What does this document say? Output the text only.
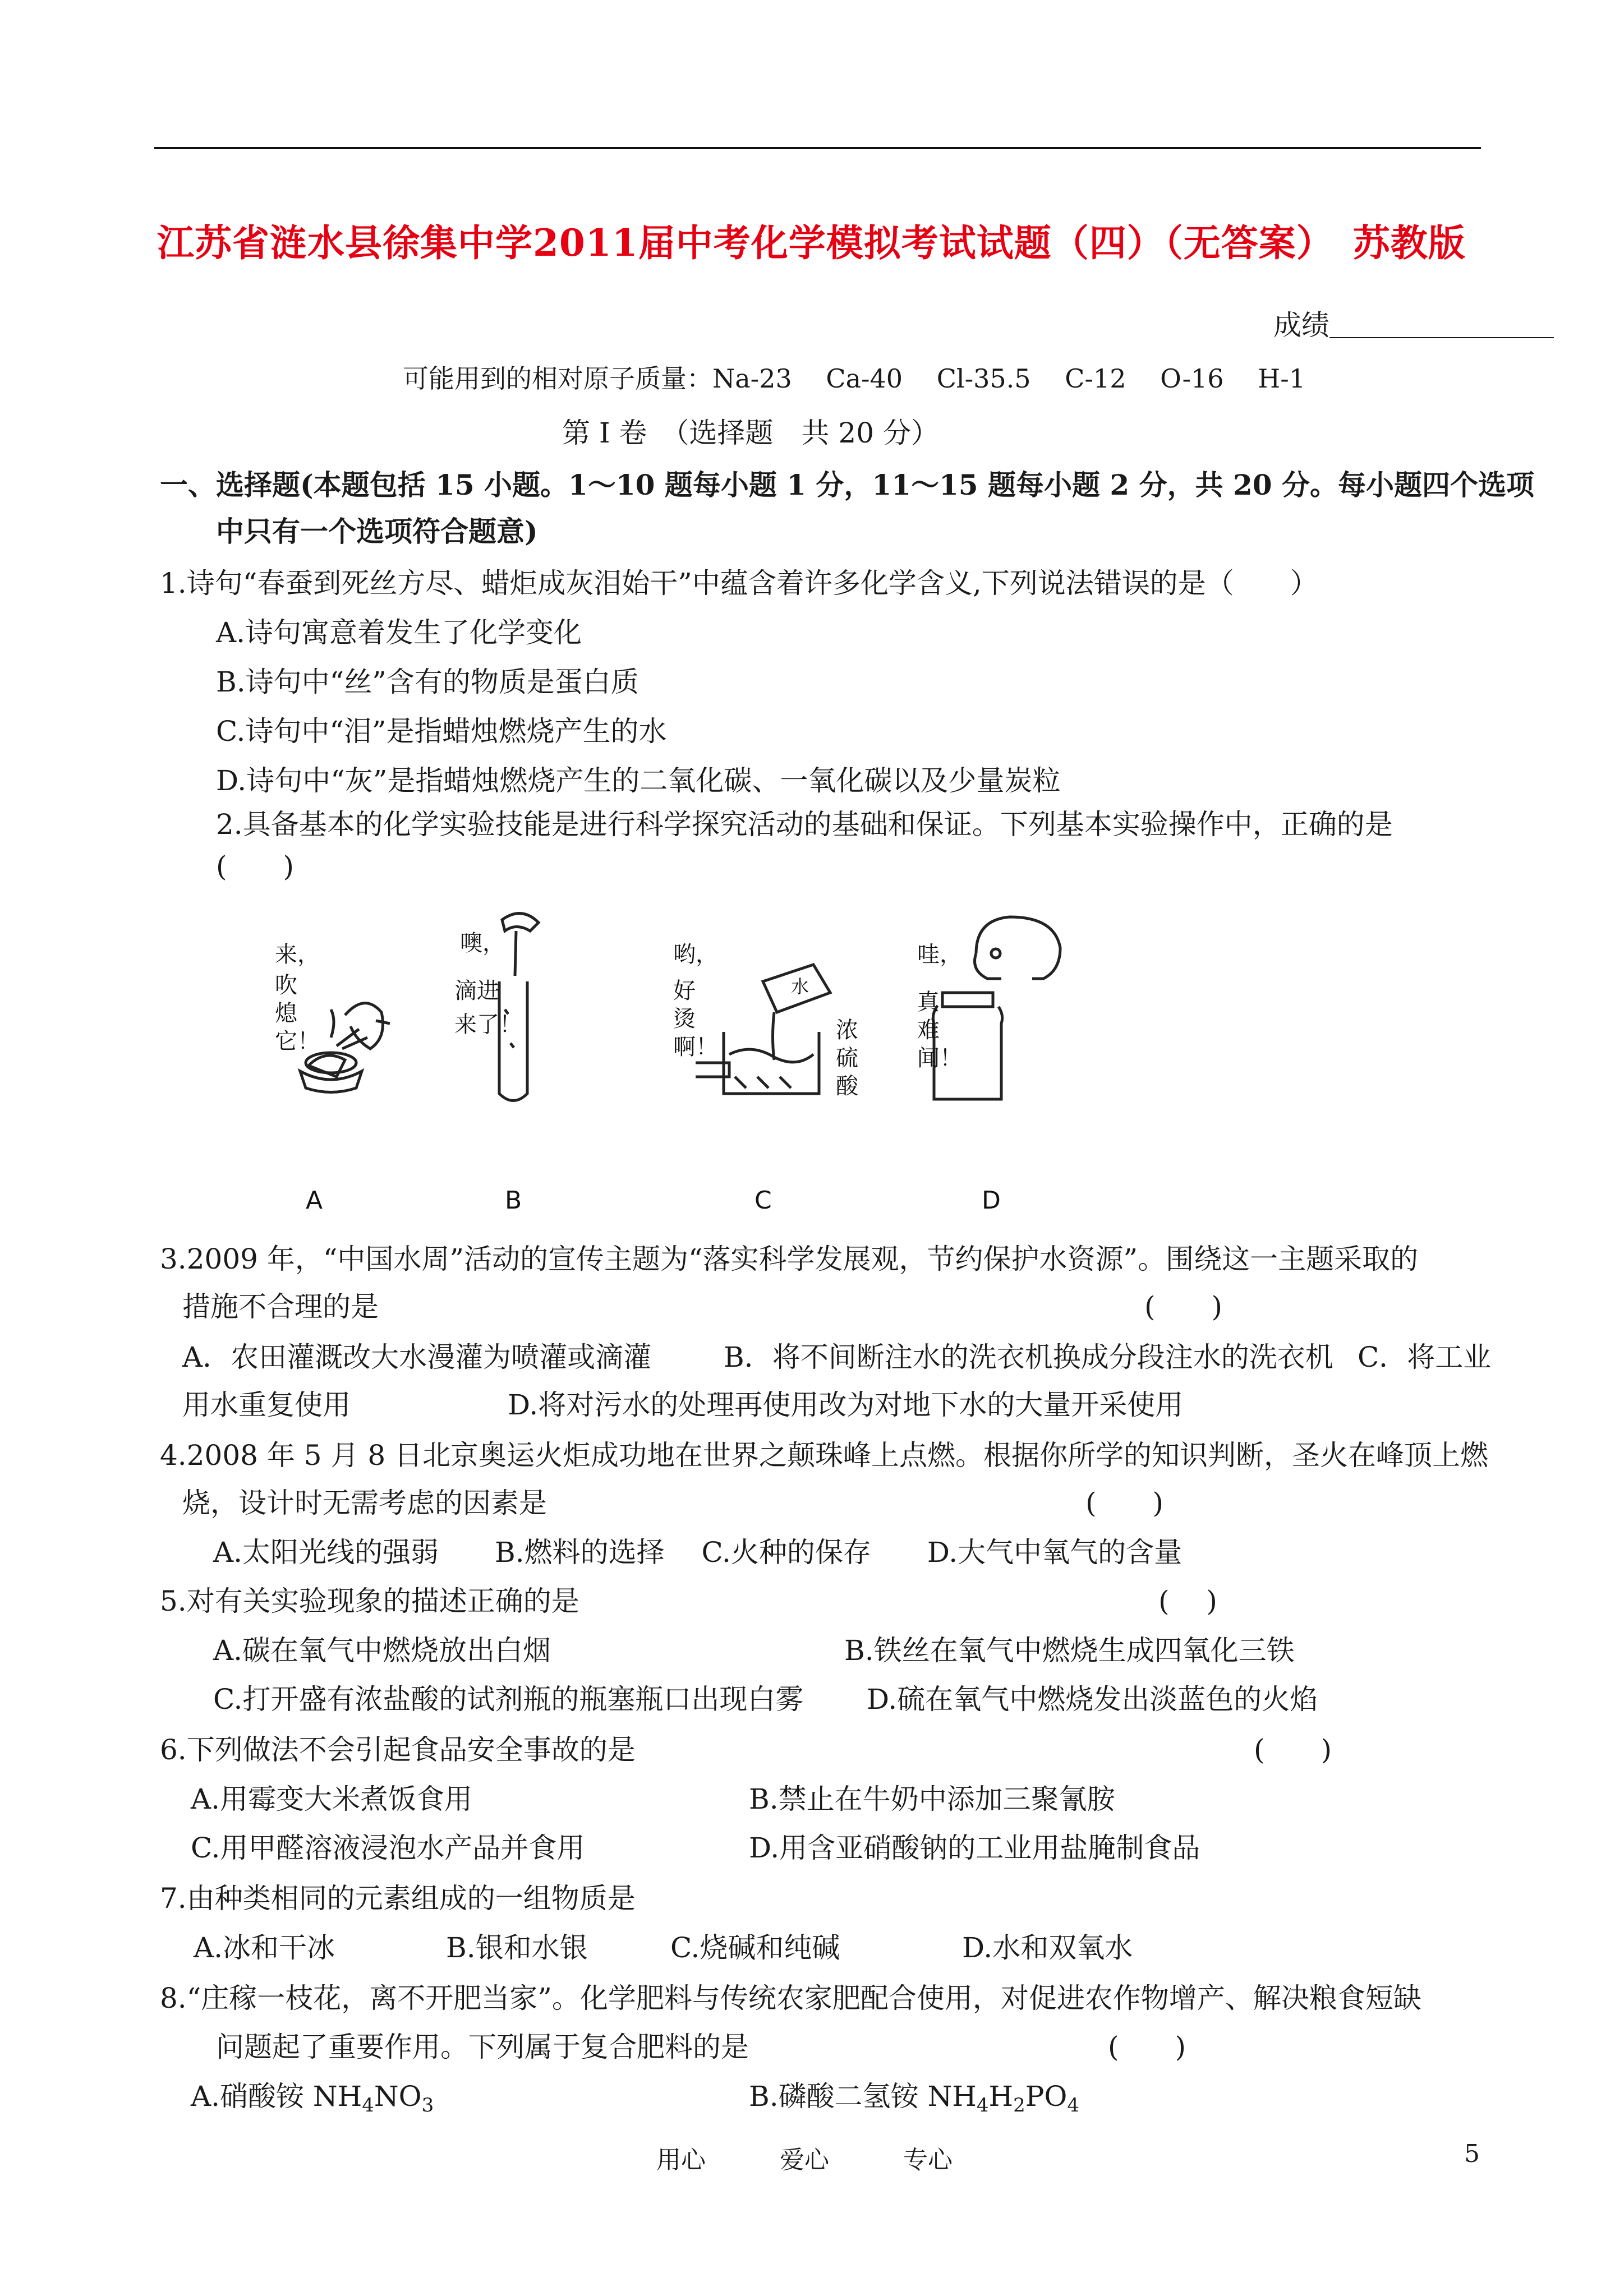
江苏省涟水县徐集中学2011届中考化学模拟考试试题（四）（无答案）　苏教版
成绩＿＿＿＿＿＿＿＿
可能用到的相对原子质量：Na-23　 Ca-40　 Cl-35.5　 C-12　 O-16　 H-1
第 I 卷　（选择题　共 20 分）
一、选择题(本题包括 15 小题。1～10 题每小题 1 分，11～15 题每小题 2 分，共 20 分。每小题四个选项
中只有一个选项符合题意)
1.诗句“春蚕到死丝方尽、蜡炬成灰泪始干”中蕴含着许多化学含义,下列说法错误的是（　　）
A.诗句寓意着发生了化学变化
B.诗句中“丝”含有的物质是蛋白质
C.诗句中“泪”是指蜡烛燃烧产生的水
D.诗句中“灰”是指蜡烛燃烧产生的二氧化碳、一氧化碳以及少量炭粒
2.具备基本的化学实验技能是进行科学探究活动的基础和保证。下列基本实验操作中，正确的是
(　　)
来，
吹
熄
它！
噢，
滴进
来了！
哟，
好
烫
啊！
水
浓
硫
酸
哇，
真
难
闻！
A	B	C	D
3.2009 年，“中国水周”活动的宣传主题为“落实科学发展观，节约保护水资源”。围绕这一主题采取的
措施不合理的是	(　　)
A．农田灌溉改大水漫灌为喷灌或滴灌	B．将不间断注水的洗衣机换成分段注水的洗衣机 C．将工业
用水重复使用	D.将对污水的处理再使用改为对地下水的大量开采使用
4.2008 年 5 月 8 日北京奥运火炬成功地在世界之颠珠峰上点燃。根据你所学的知识判断，圣火在峰顶上燃
烧，设计时无需考虑的因素是	(　　)
A.太阳光线的强弱　　B.燃料的选择　 C.火种的保存　　D.大气中氧气的含量
5.对有关实验现象的描述正确的是	(　 )
A.碳在氧气中燃烧放出白烟	B.铁丝在氧气中燃烧生成四氧化三铁
C.打开盛有浓盐酸的试剂瓶的瓶塞瓶口出现白雾 D.硫在氧气中燃烧发出淡蓝色的火焰
6.下列做法不会引起食品安全事故的是	(　　)
A.用霉变大米煮饭食用	B.禁止在牛奶中添加三聚氰胺
C.用甲醛溶液浸泡水产品并食用	D.用含亚硝酸钠的工业用盐腌制食品
7.由种类相同的元素组成的一组物质是
A.冰和干冰	B.银和水银	C.烧碱和纯碱	D.水和双氧水
8.“庄稼一枝花，离不开肥当家”。化学肥料与传统农家肥配合使用，对促进农作物增产、解决粮食短缺
问题起了重要作用。下列属于复合肥料的是	(　　)
A.硝酸铵 $NH_4NO_3$	B.磷酸二氢铵 $NH_4H_2PO_4$
用心　　　爱心　　　专心	5
